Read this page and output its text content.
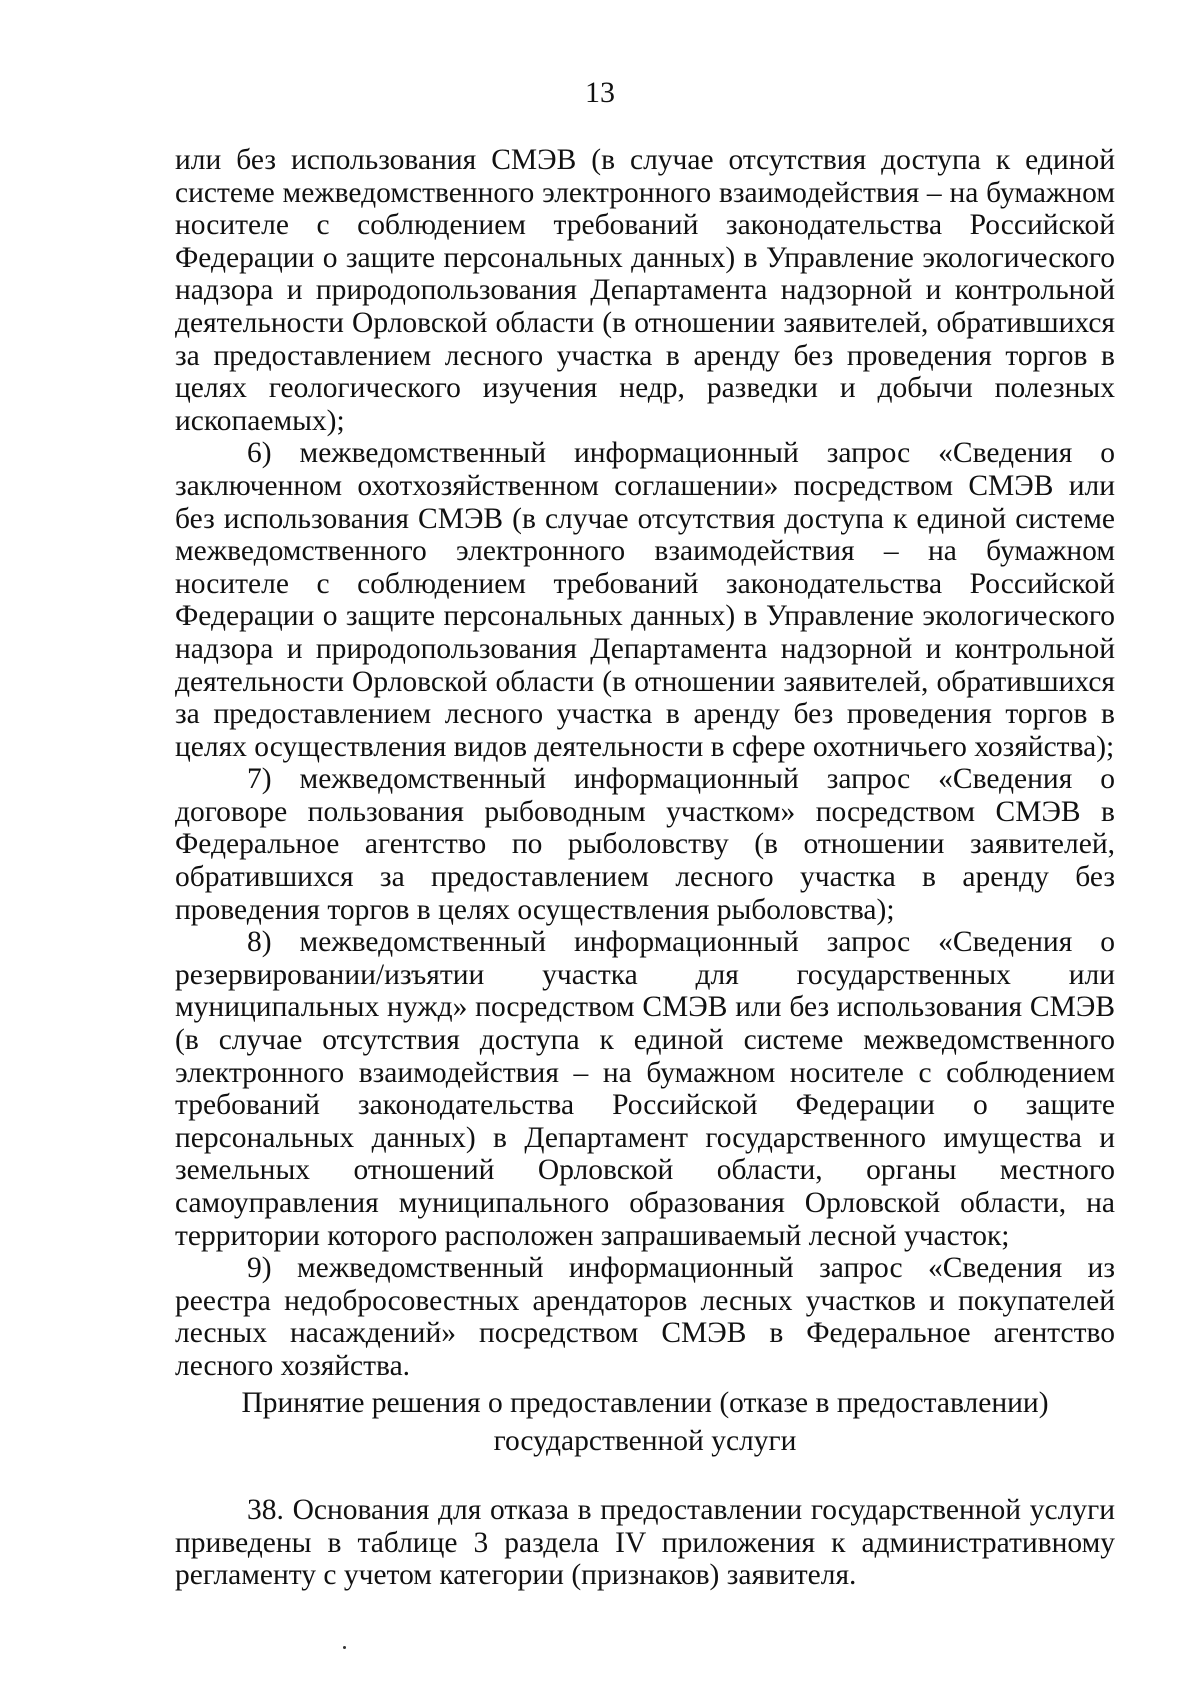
13

или без использования СМЭВ (в случае отсутствия доступа к единой системе межведомственного электронного взаимодействия – на бумажном носителе с соблюдением требований законодательства Российской Федерации о защите персональных данных) в Управление экологического надзора и природопользования Департамента надзорной и контрольной деятельности Орловской области (в отношении заявителей, обратившихся за предоставлением лесного участка в аренду без проведения торгов в целях геологического изучения недр, разведки и добычи полезных ископаемых);

6) межведомственный информационный запрос «Сведения о заключенном охотхозяйственном соглашении» посредством СМЭВ или без использования СМЭВ (в случае отсутствия доступа к единой системе межведомственного электронного взаимодействия – на бумажном носителе с соблюдением требований законодательства Российской Федерации о защите персональных данных) в Управление экологического надзора и природопользования Департамента надзорной и контрольной деятельности Орловской области (в отношении заявителей, обратившихся за предоставлением лесного участка в аренду без проведения торгов в целях осуществления видов деятельности в сфере охотничьего хозяйства);

7) межведомственный информационный запрос «Сведения о договоре пользования рыбоводным участком» посредством СМЭВ в Федеральное агентство по рыболовству (в отношении заявителей, обратившихся за предоставлением лесного участка в аренду без проведения торгов в целях осуществления рыболовства);

8) межведомственный информационный запрос «Сведения о резервировании/изъятии участка для государственных или муниципальных нужд» посредством СМЭВ или без использования СМЭВ (в случае отсутствия доступа к единой системе межведомственного электронного взаимодействия – на бумажном носителе с соблюдением требований законодательства Российской Федерации о защите персональных данных) в Департамент государственного имущества и земельных отношений Орловской области, органы местного самоуправления муниципального образования Орловской области, на территории которого расположен запрашиваемый лесной участок;

9) межведомственный информационный запрос «Сведения из реестра недобросовестных арендаторов лесных участков и покупателей лесных насаждений» посредством СМЭВ в Федеральное агентство лесного хозяйства.

Принятие решения о предоставлении (отказе в предоставлении)
государственной услуги

38. Основания для отказа в предоставлении государственной услуги приведены в таблице 3 раздела IV приложения к административному регламенту с учетом категории (признаков) заявителя.
